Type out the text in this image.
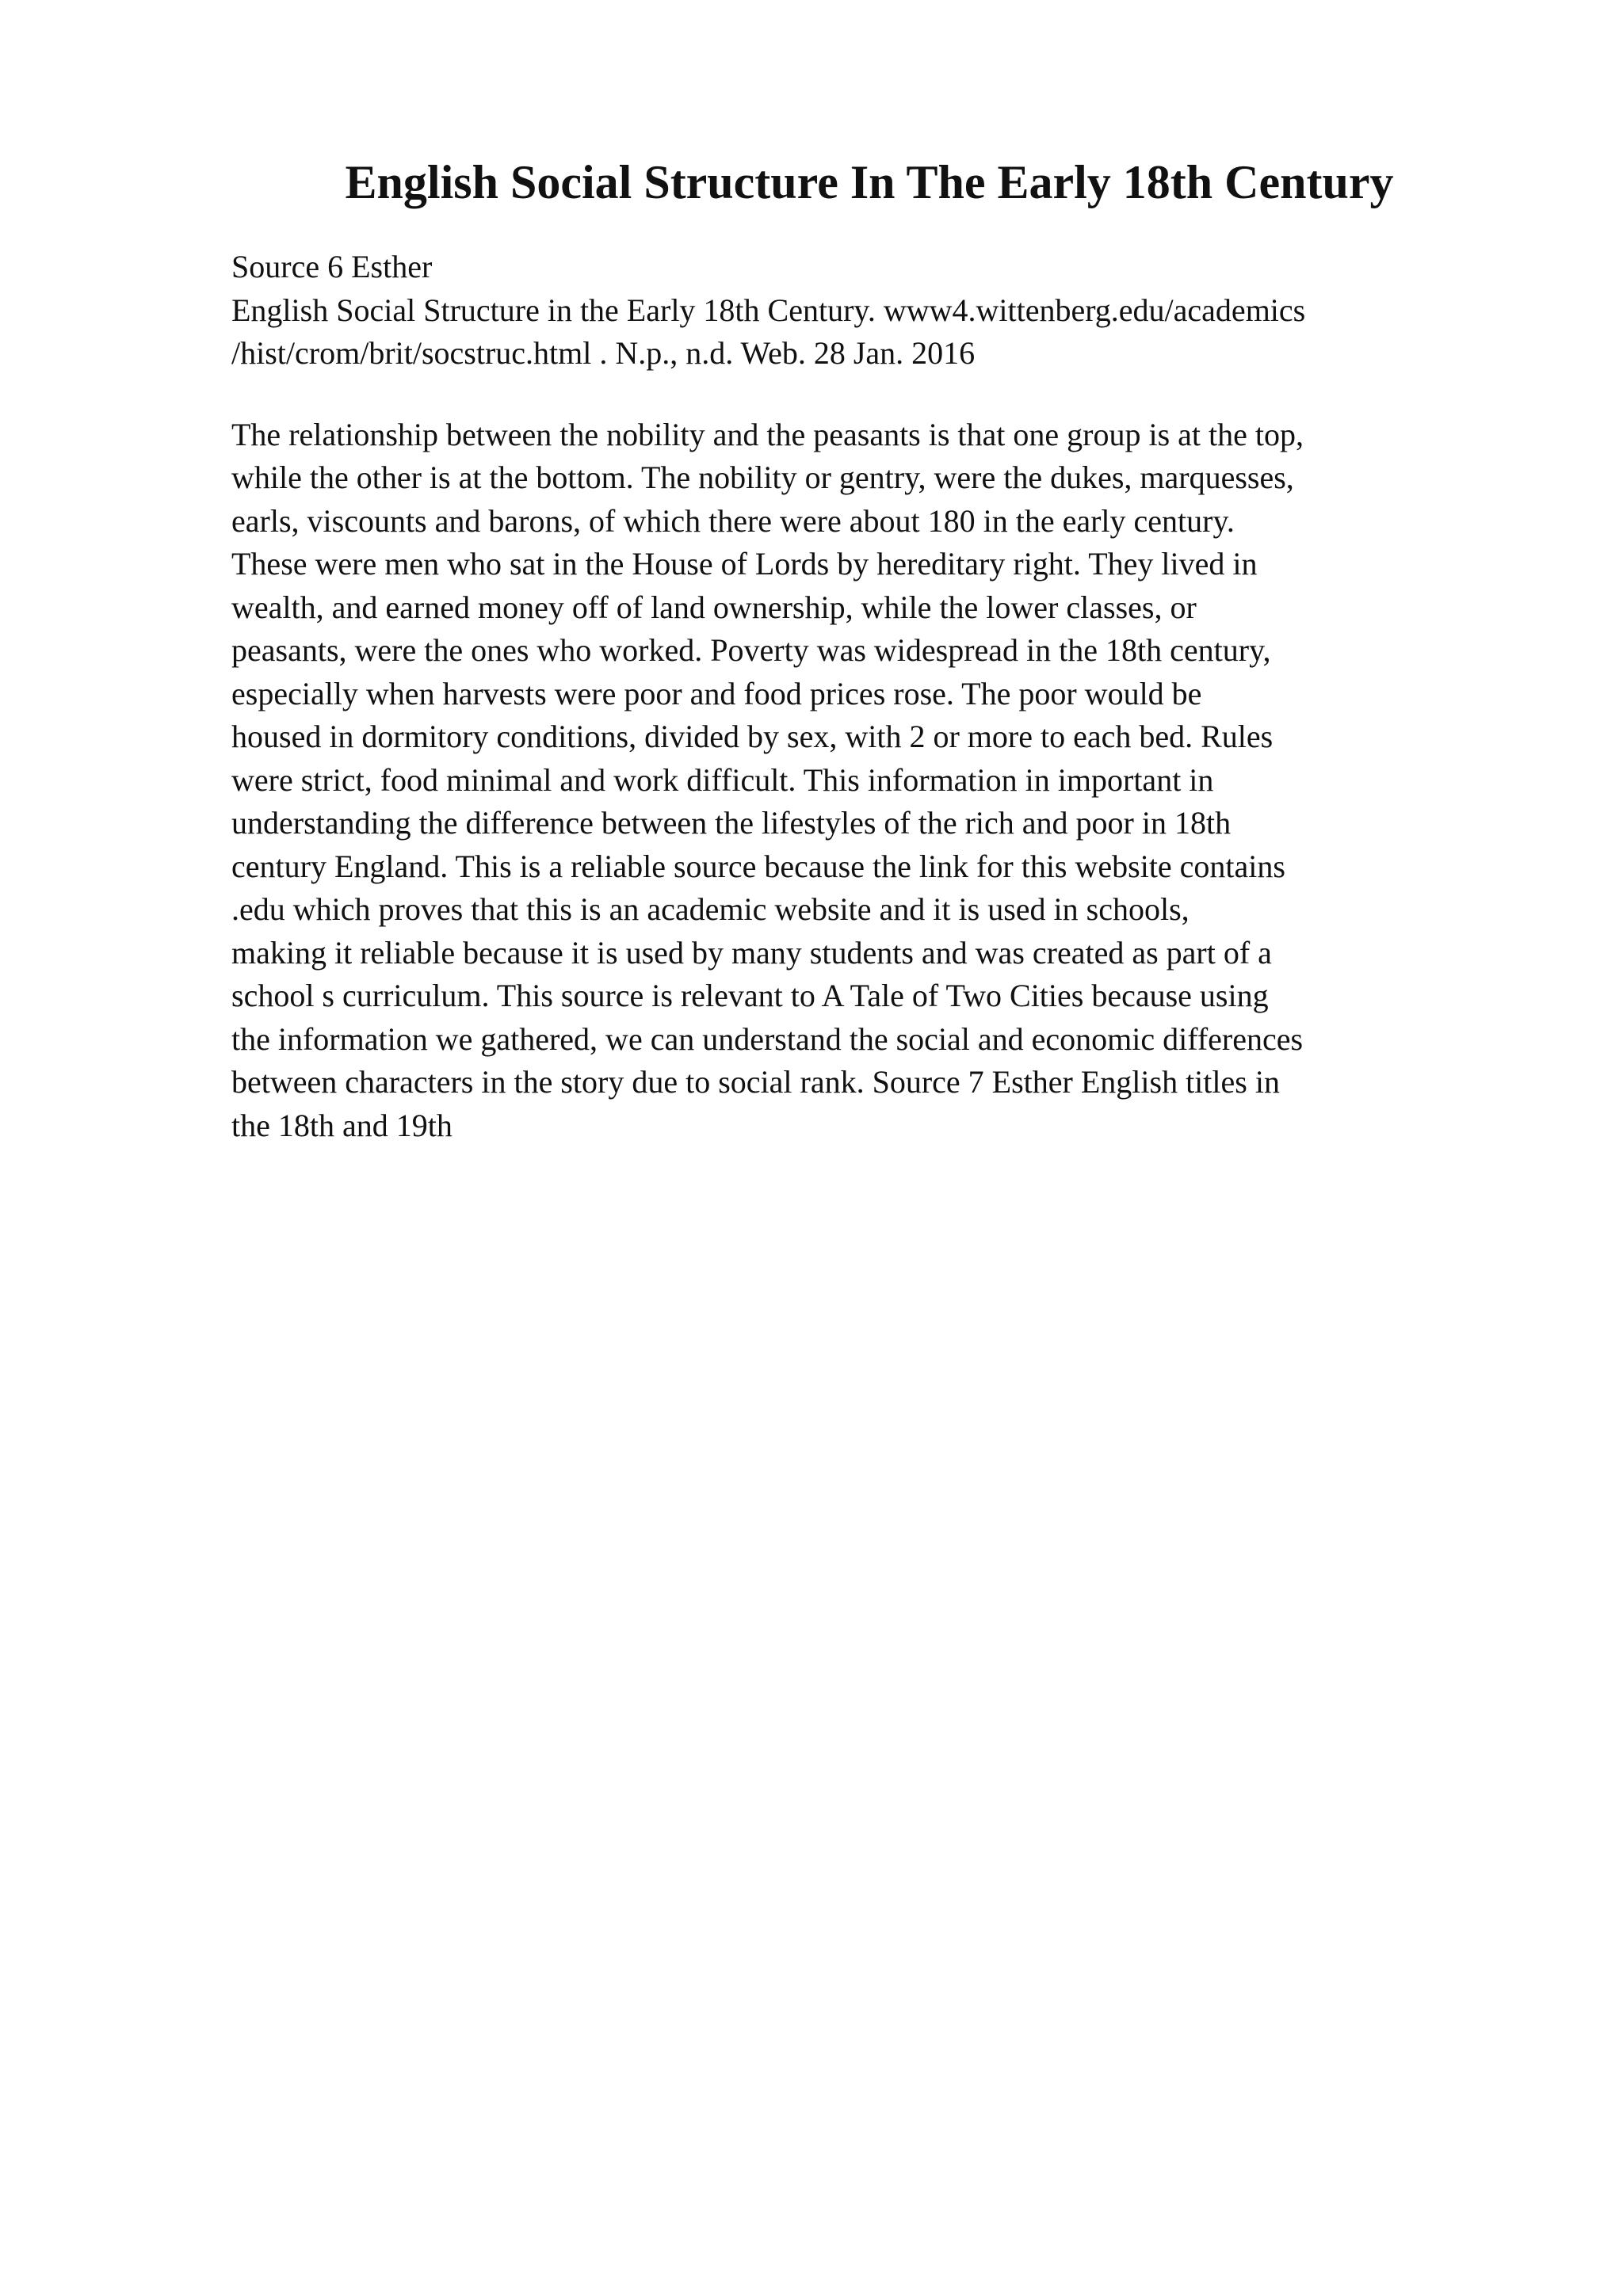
English Social Structure In The Early 18th Century
Source 6 Esther
English Social Structure in the Early 18th Century. www4.wittenberg.edu/academics
/hist/crom/brit/socstruc.html . N.p., n.d. Web. 28 Jan. 2016
The relationship between the nobility and the peasants is that one group is at the top,
while the other is at the bottom. The nobility or gentry, were the dukes, marquesses,
earls, viscounts and barons, of which there were about 180 in the early century.
These were men who sat in the House of Lords by hereditary right. They lived in
wealth, and earned money off of land ownership, while the lower classes, or
peasants, were the ones who worked. Poverty was widespread in the 18th century,
especially when harvests were poor and food prices rose. The poor would be
housed in dormitory conditions, divided by sex, with 2 or more to each bed. Rules
were strict, food minimal and work difficult. This information in important in
understanding the difference between the lifestyles of the rich and poor in 18th
century England. This is a reliable source because the link for this website contains
.edu which proves that this is an academic website and it is used in schools,
making it reliable because it is used by many students and was created as part of a
school s curriculum. This source is relevant to A Tale of Two Cities because using
the information we gathered, we can understand the social and economic differences
between characters in the story due to social rank. Source 7 Esther English titles in
the 18th and 19th
